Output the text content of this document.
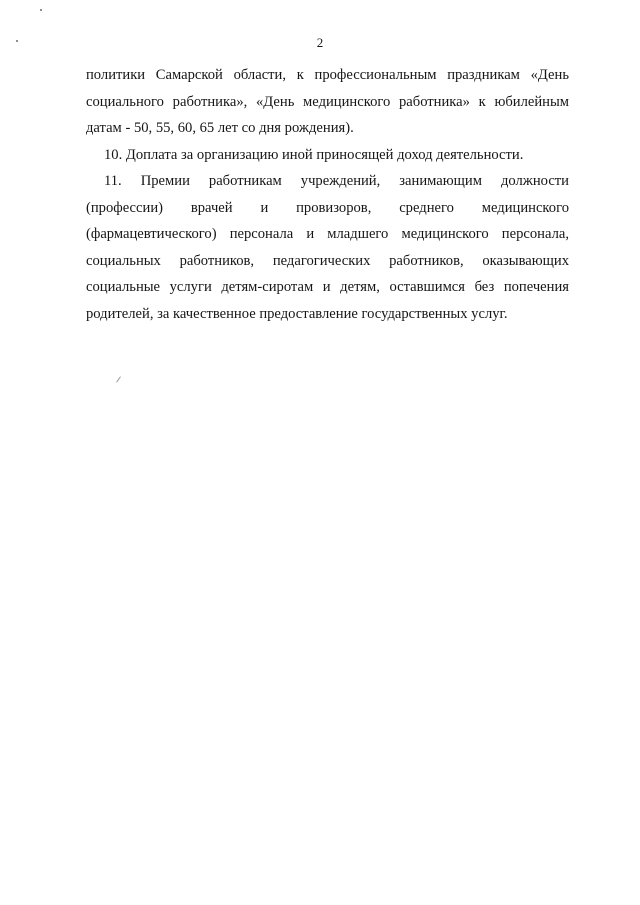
2
политики Самарской области, к профессиональным праздникам «День
социального работника», «День медицинского работника» к юбилейным
датам - 50, 55, 60, 65 лет со дня рождения).
10. Доплата за организацию иной приносящей доход деятельности.
11. Премии работникам учреждений, занимающим должности
(профессии) врачей и провизоров, среднего медицинского
(фармацевтического) персонала и младшего медицинского персонала,
социальных работников, педагогических работников, оказывающих
социальные услуги детям-сиротам и детям, оставшимся без попечения
родителей, за качественное предоставление государственных услуг.
